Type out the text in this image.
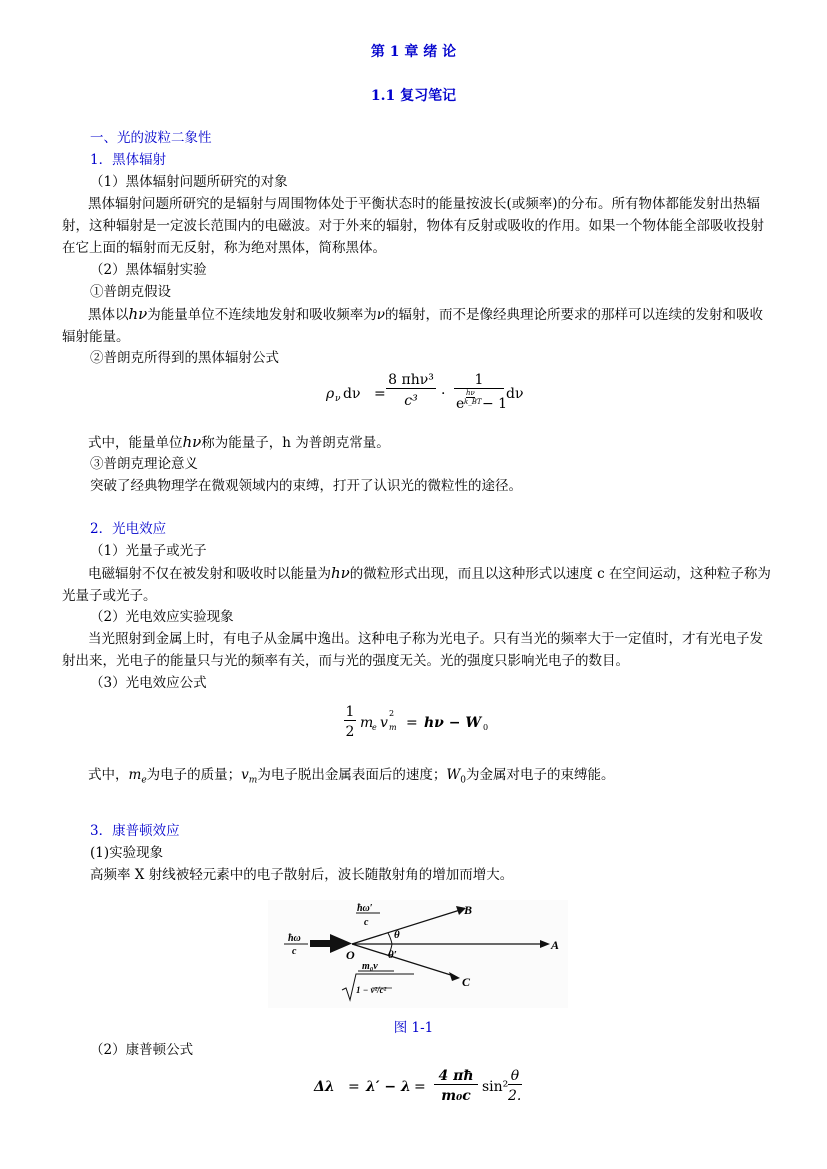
第 1 章 绪 论
1.1 复习笔记
一、光的波粒二象性
1．黑体辐射
（1）黑体辐射问题所研究的对象
黑体辐射问题所研究的是辐射与周围物体处于平衡状态时的能量按波长(或频率)的分布。所有物体都能发射出热辐射，这种辐射是一定波长范围内的电磁波。对于外来的辐射，物体有反射或吸收的作用。如果一个物体能全部吸收投射在它上面的辐射而无反射，称为绝对黑体，简称黑体。
（2）黑体辐射实验
①普朗克假设
黑体以hν为能量单位不连续地发射和吸收频率为ν的辐射，而不是像经典理论所要求的那样可以连续的发射和吸收辐射能量。
②普朗克所得到的黑体辐射公式
ρ ν dν =
8 πhν³
c³	·
1
e
hν
k_BT − 1
dν
式中，能量单位hν称为能量子，h 为普朗克常量。
③普朗克理论意义
突破了经典物理学在微观领域内的束缚，打开了认识光的微粒性的途径。
2．光电效应
（1）光量子或光子
电磁辐射不仅在被发射和吸收时以能量为hν的微粒形式出现，而且以这种形式以速度 c 在空间运动，这种粒子称为光量子或光子。
（2）光电效应实验现象
当光照射到金属上时，有电子从金属中逸出。这种电子称为光电子。只有当光的频率大于一定值时，才有光电子发射出来，光电子的能量只与光的频率有关，而与光的强度无关。光的强度只影响光电子的数目。
（3）光电效应公式
1
2
m
e v
2
m = hν − W 0
式中，$m_e$为电子的质量；$v_m$为电子脱出金属表面后的速度；$W_0$为金属对电子的束缚能。
3．康普顿效应
(1)实验现象
高频率 X 射线被轻元素中的电子散射后，波长随散射角的增加而增大。
B
A
C
O
θ
θ′
ħω
c
ħω′
c
m₀v
1 − v²/c²
图 1-1
（2）康普顿公式
Δλ = λ′ − λ =
4 πħ
m₀c
sin²
θ
2.
